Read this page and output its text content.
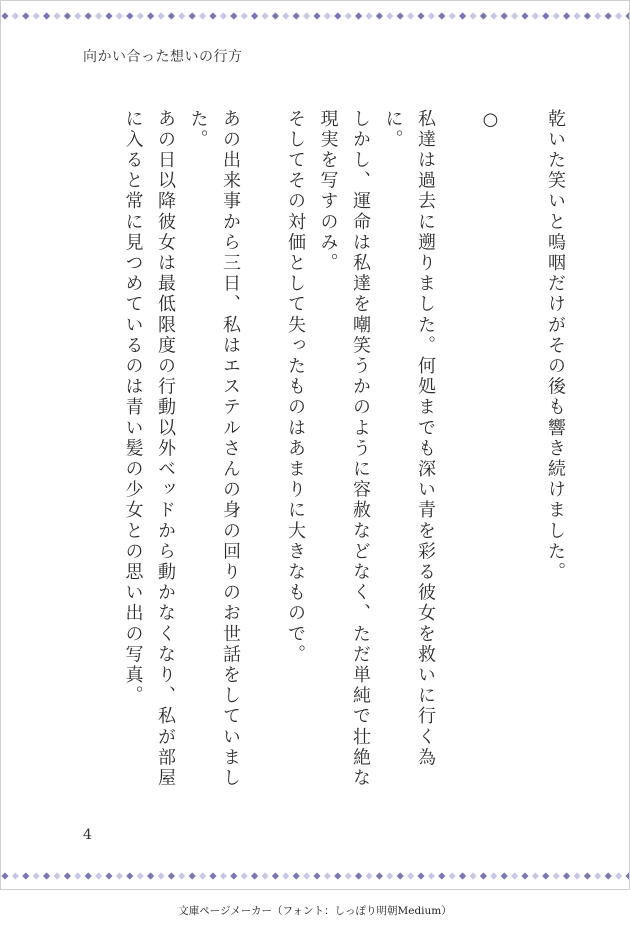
向かい合った想いの行方

乾いた笑いと嗚咽だけがその後も響き続けました。

○

私達は過去に遡りました。何処までも深い青を彩る彼女を救いに行く為に。

しかし、運命は私達を嘲笑うかのように容赦などなく、ただ単純で壮絶な現実を写すのみ。

そしてその対価として失ったものはあまりに大きなもので。

あの出来事から三日、私はエステルさんの身の回りのお世話をしていました。

あの日以降彼女は最低限度の行動以外ベッドから動かなくなり、私が部屋に入ると常に見つめているのは青い髪の少女との思い出の写真。

4
文庫ページメーカー（フォント：しっぽり明朝Medium）
